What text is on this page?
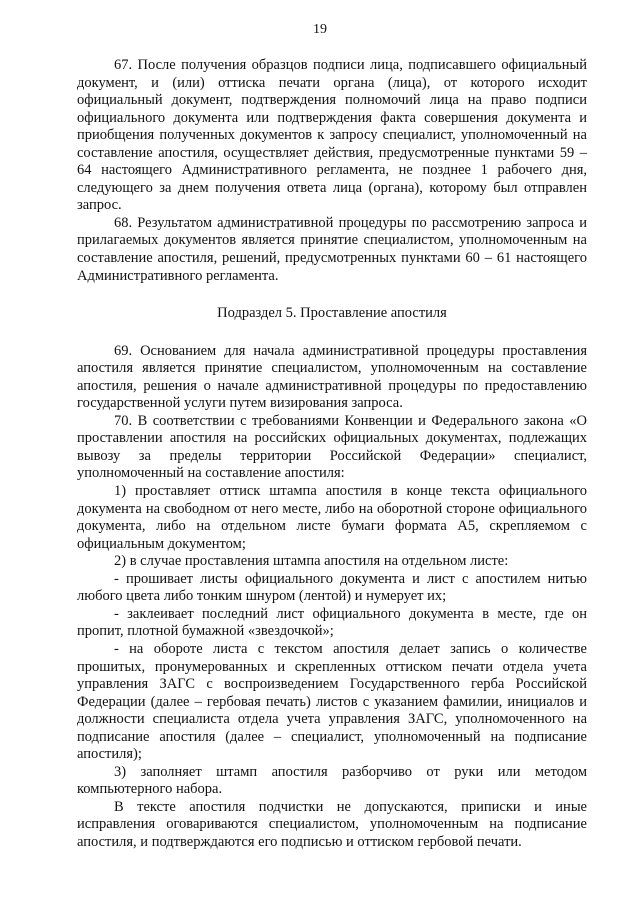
19

67. После получения образцов подписи лица, подписавшего официальный документ, и (или) оттиска печати органа (лица), от которого исходит официальный документ, подтверждения полномочий лица на право подписи официального документа или подтверждения факта совершения документа и приобщения полученных документов к запросу специалист, уполномоченный на составление апостиля, осуществляет действия, предусмотренные пунктами 59 – 64 настоящего Административного регламента, не позднее 1 рабочего дня, следующего за днем получения ответа лица (органа), которому был отправлен запрос.

68. Результатом административной процедуры по рассмотрению запроса и прилагаемых документов является принятие специалистом, уполномоченным на составление апостиля, решений, предусмотренных пунктами 60 – 61 настоящего Административного регламента.

Подраздел 5. Проставление апостиля

69. Основанием для начала административной процедуры проставления апостиля является принятие специалистом, уполномоченным на составление апостиля, решения о начале административной процедуры по предоставлению государственной услуги путем визирования запроса.

70. В соответствии с требованиями Конвенции и Федерального закона «О проставлении апостиля на российских официальных документах, подлежащих вывозу за пределы территории Российской Федерации» специалист, уполномоченный на составление апостиля:

1) проставляет оттиск штампа апостиля в конце текста официального документа на свободном от него месте, либо на оборотной стороне официального документа, либо на отдельном листе бумаги формата А5, скрепляемом с официальным документом;

2) в случае проставления штампа апостиля на отдельном листе:

- прошивает листы официального документа и лист с апостилем нитью любого цвета либо тонким шнуром (лентой) и нумерует их;

- заклеивает последний лист официального документа в месте, где он пропит, плотной бумажной «звездочкой»;

- на обороте листа с текстом апостиля делает запись о количестве прошитых, пронумерованных и скрепленных оттиском печати отдела учета управления ЗАГС с воспроизведением Государственного герба Российской Федерации (далее – гербовая печать) листов с указанием фамилии, инициалов и должности специалиста отдела учета управления ЗАГС, уполномоченного на подписание апостиля (далее – специалист, уполномоченный на подписание апостиля);

3) заполняет штамп апостиля разборчиво от руки или методом компьютерного набора.

В тексте апостиля подчистки не допускаются, приписки и иные исправления оговариваются специалистом, уполномоченным на подписание апостиля, и подтверждаются его подписью и оттиском гербовой печати.
